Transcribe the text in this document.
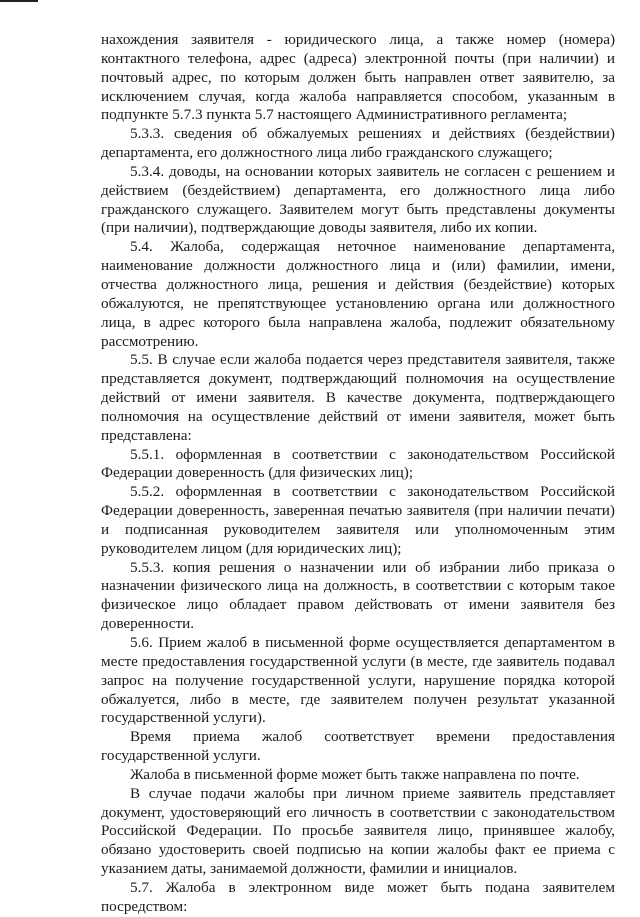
нахождения заявителя - юридического лица, а также номер (номера) контактного телефона, адрес (адреса) электронной почты (при наличии) и почтовый адрес, по которым должен быть направлен ответ заявителю, за исключением случая, когда жалоба направляется способом, указанным в подпункте 5.7.3 пункта 5.7 настоящего Административного регламента;

5.3.3. сведения об обжалуемых решениях и действиях (бездействии) департамента, его должностного лица либо гражданского служащего;

5.3.4. доводы, на основании которых заявитель не согласен с решением и действием (бездействием) департамента, его должностного лица либо гражданского служащего. Заявителем могут быть представлены документы (при наличии), подтверждающие доводы заявителя, либо их копии.

5.4. Жалоба, содержащая неточное наименование департамента, наименование должности должностного лица и (или) фамилии, имени, отчества должностного лица, решения и действия (бездействие) которых обжалуются, не препятствующее установлению органа или должностного лица, в адрес которого была направлена жалоба, подлежит обязательному рассмотрению.

5.5. В случае если жалоба подается через представителя заявителя, также представляется документ, подтверждающий полномочия на осуществление действий от имени заявителя. В качестве документа, подтверждающего полномочия на осуществление действий от имени заявителя, может быть представлена:

5.5.1. оформленная в соответствии с законодательством Российской Федерации доверенность (для физических лиц);

5.5.2. оформленная в соответствии с законодательством Российской Федерации доверенность, заверенная печатью заявителя (при наличии печати) и подписанная руководителем заявителя или уполномоченным этим руководителем лицом (для юридических лиц);

5.5.3. копия решения о назначении или об избрании либо приказа о назначении физического лица на должность, в соответствии с которым такое физическое лицо обладает правом действовать от имени заявителя без доверенности.

5.6. Прием жалоб в письменной форме осуществляется департаментом в месте предоставления государственной услуги (в месте, где заявитель подавал запрос на получение государственной услуги, нарушение порядка которой обжалуется, либо в месте, где заявителем получен результат указанной государственной услуги).

Время приема жалоб соответствует времени предоставления государственной услуги.

Жалоба в письменной форме может быть также направлена по почте.

В случае подачи жалобы при личном приеме заявитель представляет документ, удостоверяющий его личность в соответствии с законодательством Российской Федерации. По просьбе заявителя лицо, принявшее жалобу, обязано удостоверить своей подписью на копии жалобы факт ее приема с указанием даты, занимаемой должности, фамилии и инициалов.

5.7. Жалоба в электронном виде может быть подана заявителем посредством:
